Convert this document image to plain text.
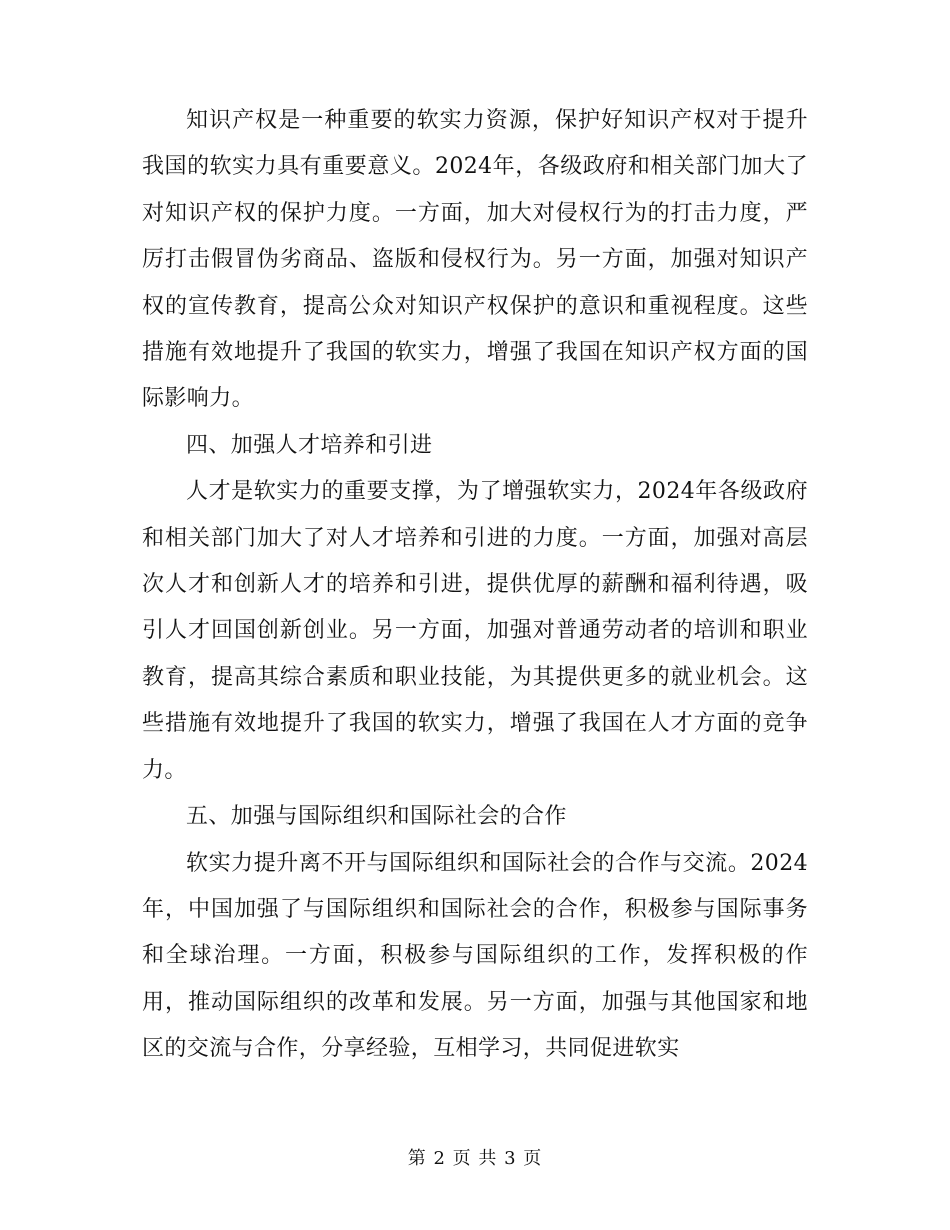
知识产权是一种重要的软实力资源，保护好知识产权对于提升我国的软实力具有重要意义。2024年，各级政府和相关部门加大了对知识产权的保护力度。一方面，加大对侵权行为的打击力度，严厉打击假冒伪劣商品、盗版和侵权行为。另一方面，加强对知识产权的宣传教育，提高公众对知识产权保护的意识和重视程度。这些措施有效地提升了我国的软实力，增强了我国在知识产权方面的国际影响力。

四、加强人才培养和引进

人才是软实力的重要支撑，为了增强软实力，2024年各级政府和相关部门加大了对人才培养和引进的力度。一方面，加强对高层次人才和创新人才的培养和引进，提供优厚的薪酬和福利待遇，吸引人才回国创新创业。另一方面，加强对普通劳动者的培训和职业教育，提高其综合素质和职业技能，为其提供更多的就业机会。这些措施有效地提升了我国的软实力，增强了我国在人才方面的竞争力。

五、加强与国际组织和国际社会的合作

软实力提升离不开与国际组织和国际社会的合作与交流。2024年，中国加强了与国际组织和国际社会的合作，积极参与国际事务和全球治理。一方面，积极参与国际组织的工作，发挥积极的作用，推动国际组织的改革和发展。另一方面，加强与其他国家和地区的交流与合作，分享经验，互相学习，共同促进软实

第 2 页 共 3 页
